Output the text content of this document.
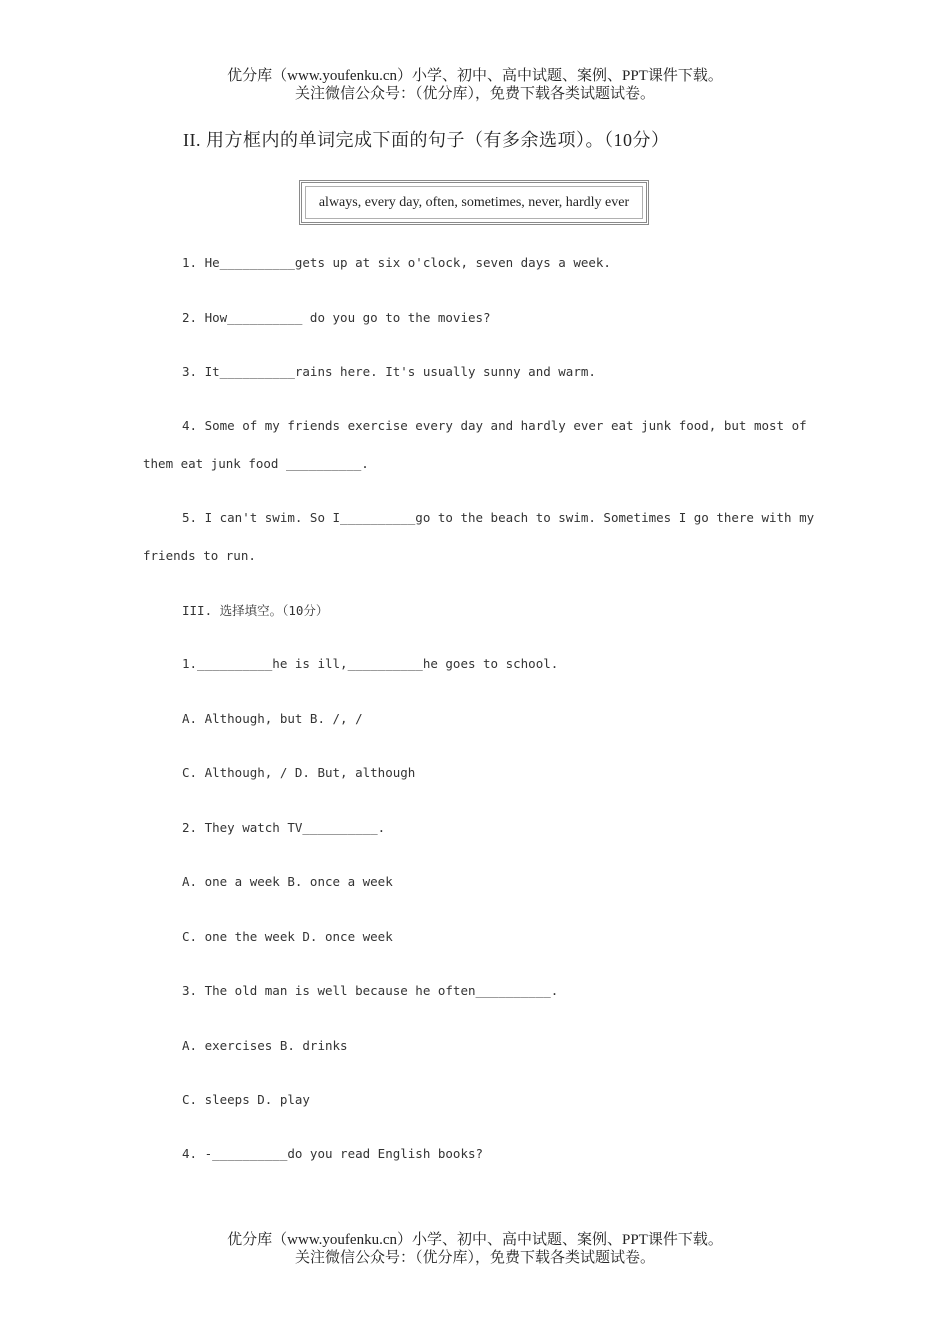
优分库（www.youfenku.cn）小学、初中、高中试题、案例、PPT课件下载。
关注微信公众号：（优分库），免费下载各类试题试卷。
II. 用方框内的单词完成下面的句子（有多余选项）。（10分）
always, every day, often, sometimes, never, hardly ever
1. He__________gets up at six o'clock, seven days a week.
2. How__________ do you go to the movies?
3. It__________rains here. It's usually sunny and warm.
4. Some of my friends exercise every day and hardly ever eat junk food, but most of
them eat junk food __________.
5. I can't swim. So I__________go to the beach to swim. Sometimes I go there with my
friends to run.
III. 选择填空。（10分）
1.__________he is ill,__________he goes to school.
A. Although, but B. /, /
C. Although, / D. But, although
2. They watch TV__________.
A. one a week B. once a week
C. one the week D. once week
3. The old man is well because he often__________.
A. exercises B. drinks
C. sleeps D. play
4. -__________do you read English books?
优分库（www.youfenku.cn）小学、初中、高中试题、案例、PPT课件下载。
关注微信公众号：（优分库），免费下载各类试题试卷。
